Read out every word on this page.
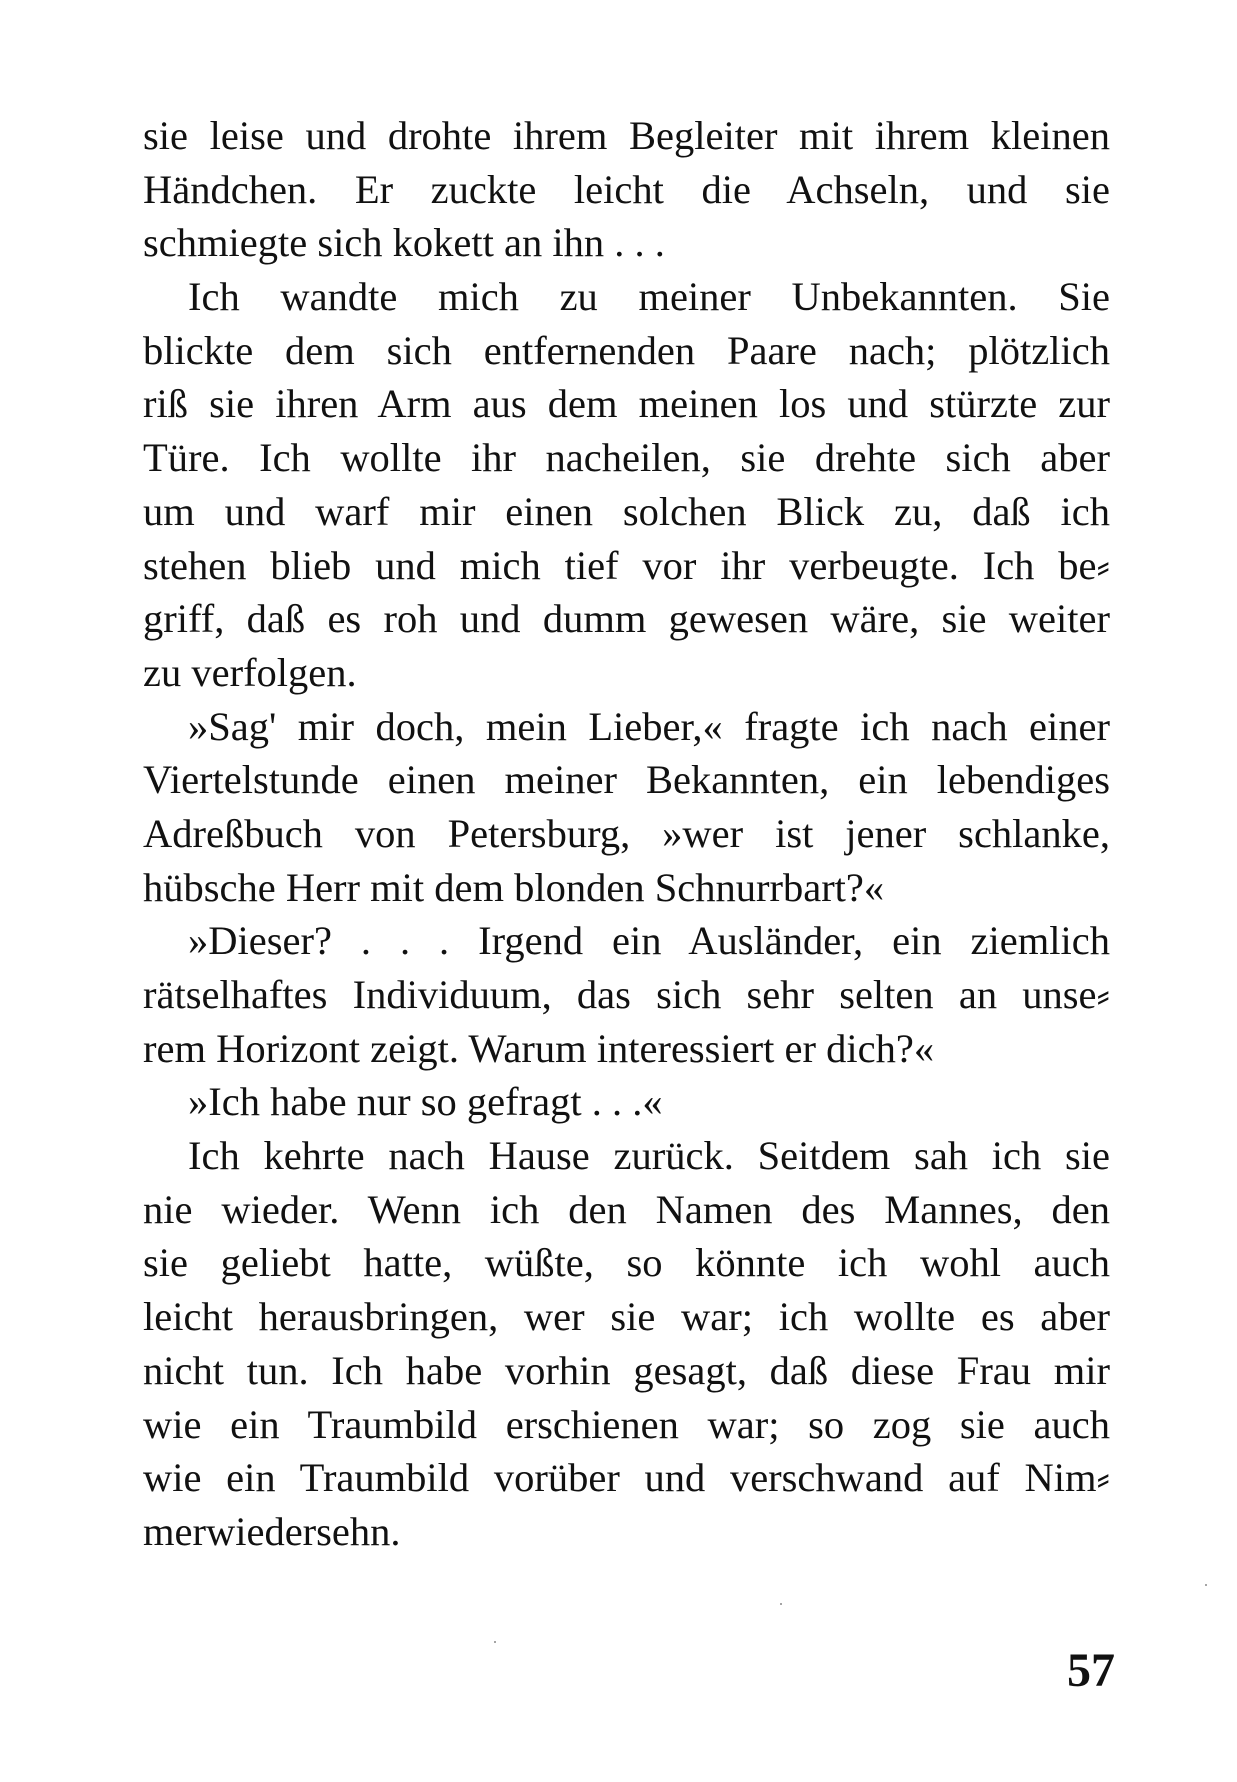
sie leise und drohte ihrem Begleiter mit ihrem kleinen
Händchen. Er zuckte leicht die Achseln, und sie
schmiegte sich kokett an ihn . . .
Ich wandte mich zu meiner Unbekannten. Sie
blickte dem sich entfernenden Paare nach; plötzlich
riß sie ihren Arm aus dem meinen los und stürzte zur
Türe. Ich wollte ihr nacheilen, sie drehte sich aber
um und warf mir einen solchen Blick zu, daß ich
stehen blieb und mich tief vor ihr verbeugte. Ich be⸗
griff, daß es roh und dumm gewesen wäre, sie weiter
zu verfolgen.
»Sag' mir doch, mein Lieber,« fragte ich nach einer
Viertelstunde einen meiner Bekannten, ein lebendiges
Adreßbuch von Petersburg, »wer ist jener schlanke,
hübsche Herr mit dem blonden Schnurrbart?«
»Dieser? . . . Irgend ein Ausländer, ein ziemlich
rätselhaftes Individuum, das sich sehr selten an unse⸗
rem Horizont zeigt. Warum interessiert er dich?«
»Ich habe nur so gefragt . . .«
Ich kehrte nach Hause zurück. Seitdem sah ich sie
nie wieder. Wenn ich den Namen des Mannes, den
sie geliebt hatte, wüßte, so könnte ich wohl auch
leicht herausbringen, wer sie war; ich wollte es aber
nicht tun. Ich habe vorhin gesagt, daß diese Frau mir
wie ein Traumbild erschienen war; so zog sie auch
wie ein Traumbild vorüber und verschwand auf Nim⸗
merwiedersehn.
57
